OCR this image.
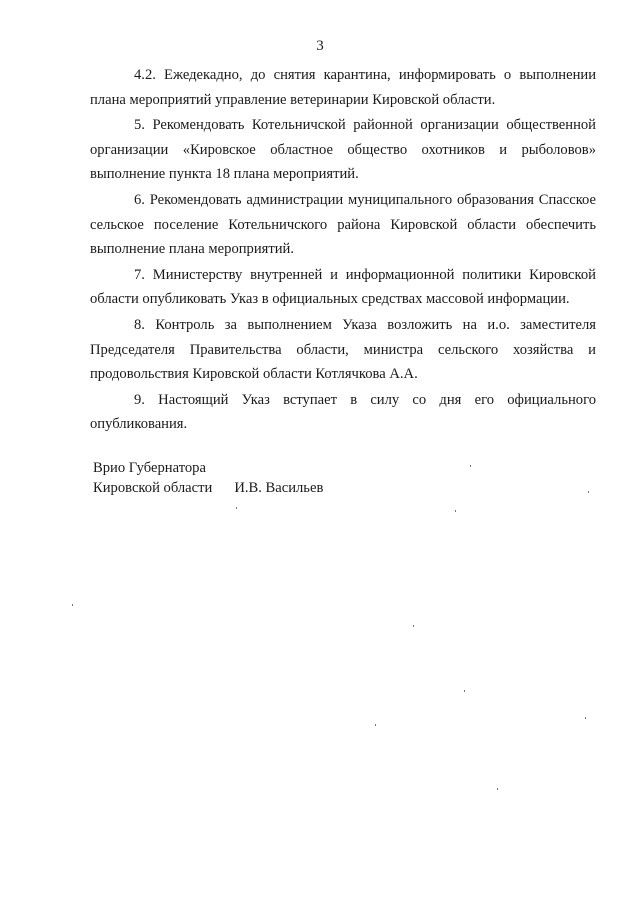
3

4.2. Ежедекадно, до снятия карантина, информировать о выполнении плана мероприятий управление ветеринарии Кировской области.

5. Рекомендовать Котельничской районной организации общественной организации «Кировское областное общество охотников и рыболовов» выполнение пункта 18 плана мероприятий.

6. Рекомендовать администрации муниципального образования Спасское сельское поселение Котельничского района Кировской области обеспечить выполнение плана мероприятий.

7. Министерству внутренней и информационной политики Кировской области опубликовать Указ в официальных средствах массовой информации.

8. Контроль за выполнением Указа возложить на и.о. заместителя Председателя Правительства области, министра сельского хозяйства и продовольствия Кировской области Котлячкова А.А.

9. Настоящий Указ вступает в силу со дня его официального опубликования.

Врио Губернатора
Кировской области И.В. Васильев
